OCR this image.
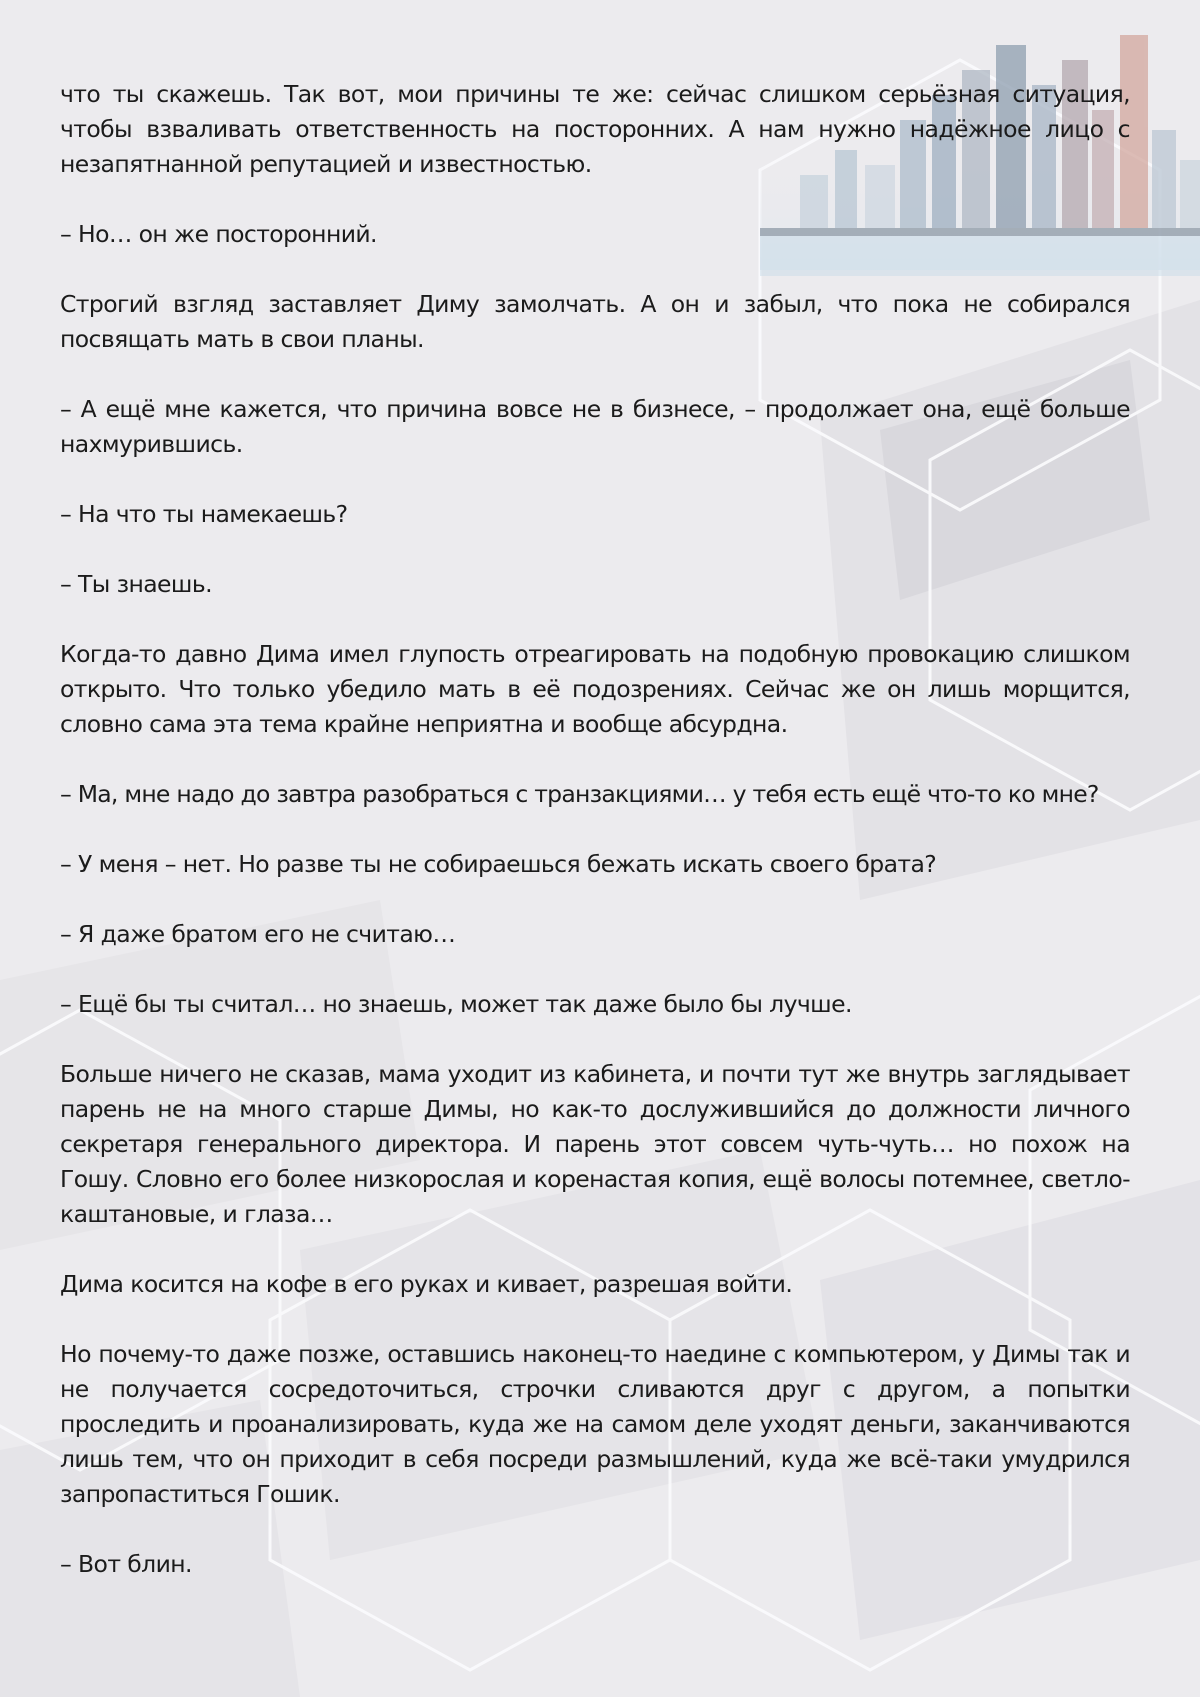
что ты скажешь. Так вот, мои причины те же: сейчас слишком серьёзная ситуация, чтобы взваливать ответственность на посторонних. А нам нужно надёжное лицо с незапятнанной репутацией и известностью.

– Но… он же посторонний.

Строгий взгляд заставляет Диму замолчать. А он и забыл, что пока не собирался посвящать мать в свои планы.

– А ещё мне кажется, что причина вовсе не в бизнесе, – продолжает она, ещё больше нахмурившись.

– На что ты намекаешь?

– Ты знаешь.

Когда-то давно Дима имел глупость отреагировать на подобную провокацию слишком открыто. Что только убедило мать в её подозрениях. Сейчас же он лишь морщится, словно сама эта тема крайне неприятна и вообще абсурдна.

– Ма, мне надо до завтра разобраться с транзакциями… у тебя есть ещё что-то ко мне?

– У меня – нет. Но разве ты не собираешься бежать искать своего брата?

– Я даже братом его не считаю…

– Ещё бы ты считал… но знаешь, может так даже было бы лучше.

Больше ничего не сказав, мама уходит из кабинета, и почти тут же внутрь заглядывает парень не на много старше Димы, но как-то дослужившийся до должности личного секретаря генерального директора. И парень этот совсем чуть-чуть… но похож на Гошу. Словно его более низкорослая и коренастая копия, ещё волосы потемнее, светло-каштановые, и глаза…

Дима косится на кофе в его руках и кивает, разрешая войти.

Но почему-то даже позже, оставшись наконец-то наедине с компьютером, у Димы так и не получается сосредоточиться, строчки сливаются друг с другом, а попытки проследить и проанализировать, куда же на самом деле уходят деньги, заканчиваются лишь тем, что он приходит в себя посреди размышлений, куда же всё-таки умудрился запропаститься Гошик.

– Вот блин.
